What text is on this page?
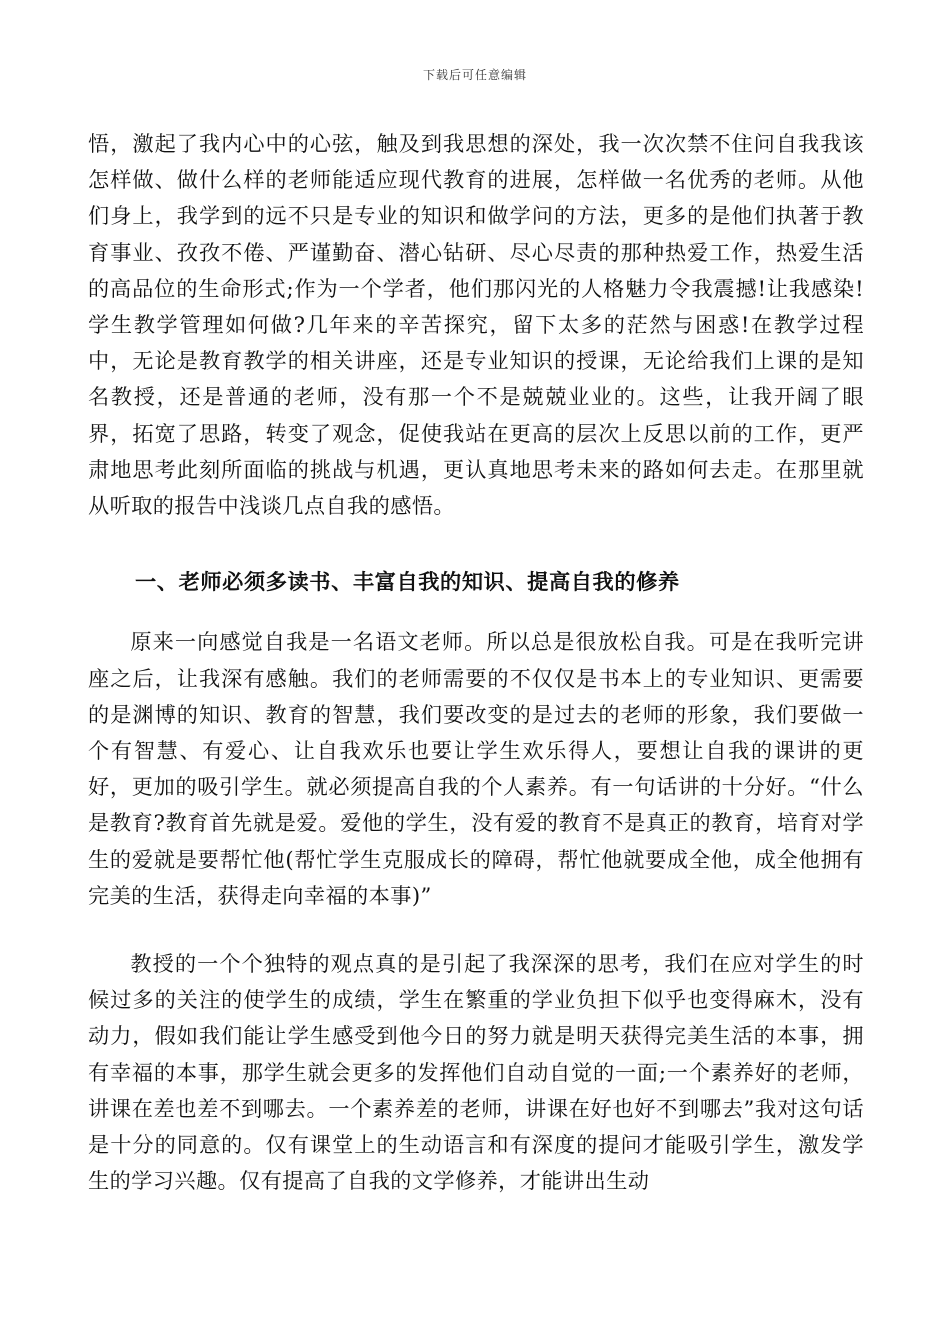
下载后可任意编辑

悟，激起了我内心中的心弦，触及到我思想的深处，我一次次禁不住问自我我该怎样做、做什么样的老师能适应现代教育的进展，怎样做一名优秀的老师。从他们身上，我学到的远不只是专业的知识和做学问的方法，更多的是他们执著于教育事业、孜孜不倦、严谨勤奋、潜心钻研、尽心尽责的那种热爱工作，热爱生活的高品位的生命形式;作为一个学者，他们那闪光的人格魅力令我震撼!让我感染!学生教学管理如何做?几年来的辛苦探究，留下太多的茫然与困惑!在教学过程中，无论是教育教学的相关讲座，还是专业知识的授课，无论给我们上课的是知名教授，还是普通的老师，没有那一个不是兢兢业业的。这些，让我开阔了眼界，拓宽了思路，转变了观念，促使我站在更高的层次上反思以前的工作，更严肃地思考此刻所面临的挑战与机遇，更认真地思考未来的路如何去走。在那里就从听取的报告中浅谈几点自我的感悟。

一、老师必须多读书、丰富自我的知识、提高自我的修养

原来一向感觉自我是一名语文老师。所以总是很放松自我。可是在我听完讲座之后，让我深有感触。我们的老师需要的不仅仅是书本上的专业知识、更需要的是渊博的知识、教育的智慧，我们要改变的是过去的老师的形象，我们要做一个有智慧、有爱心、让自我欢乐也要让学生欢乐得人，要想让自我的课讲的更好，更加的吸引学生。就必须提高自我的个人素养。有一句话讲的十分好。“什么是教育?教育首先就是爱。爱他的学生，没有爱的教育不是真正的教育，培育对学生的爱就是要帮忙他(帮忙学生克服成长的障碍，帮忙他就要成全他，成全他拥有完美的生活，获得走向幸福的本事)”

教授的一个个独特的观点真的是引起了我深深的思考，我们在应对学生的时候过多的关注的使学生的成绩，学生在繁重的学业负担下似乎也变得麻木，没有动力，假如我们能让学生感受到他今日的努力就是明天获得完美生活的本事，拥有幸福的本事，那学生就会更多的发挥他们自动自觉的一面;一个素养好的老师，讲课在差也差不到哪去。一个素养差的老师，讲课在好也好不到哪去”我对这句话是十分的同意的。仅有课堂上的生动语言和有深度的提问才能吸引学生，激发学生的学习兴趣。仅有提高了自我的文学修养，才能讲出生动
